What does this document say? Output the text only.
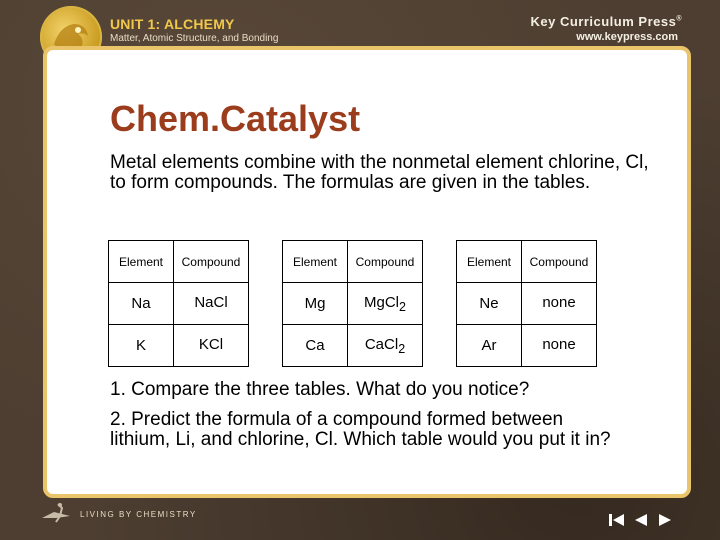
UNIT 1: ALCHEMY
Matter, Atomic Structure, and Bonding
Key Curriculum Press®
www.keypress.com
Chem.Catalyst
Metal elements combine with the nonmetal element chlorine, Cl, to form compounds. The formulas are given in the tables.
Element	Compound
Na	NaCl
K	KCl
Element	Compound
Mg	MgCl$_2$
Ca	CaCl$_2$
Element	Compound
Ne	none
Ar	none
1. Compare the three tables. What do you notice?
2. Predict the formula of a compound formed between lithium, Li, and chlorine, Cl. Which table would you put it in?
LIVING BY CHEMISTRY
